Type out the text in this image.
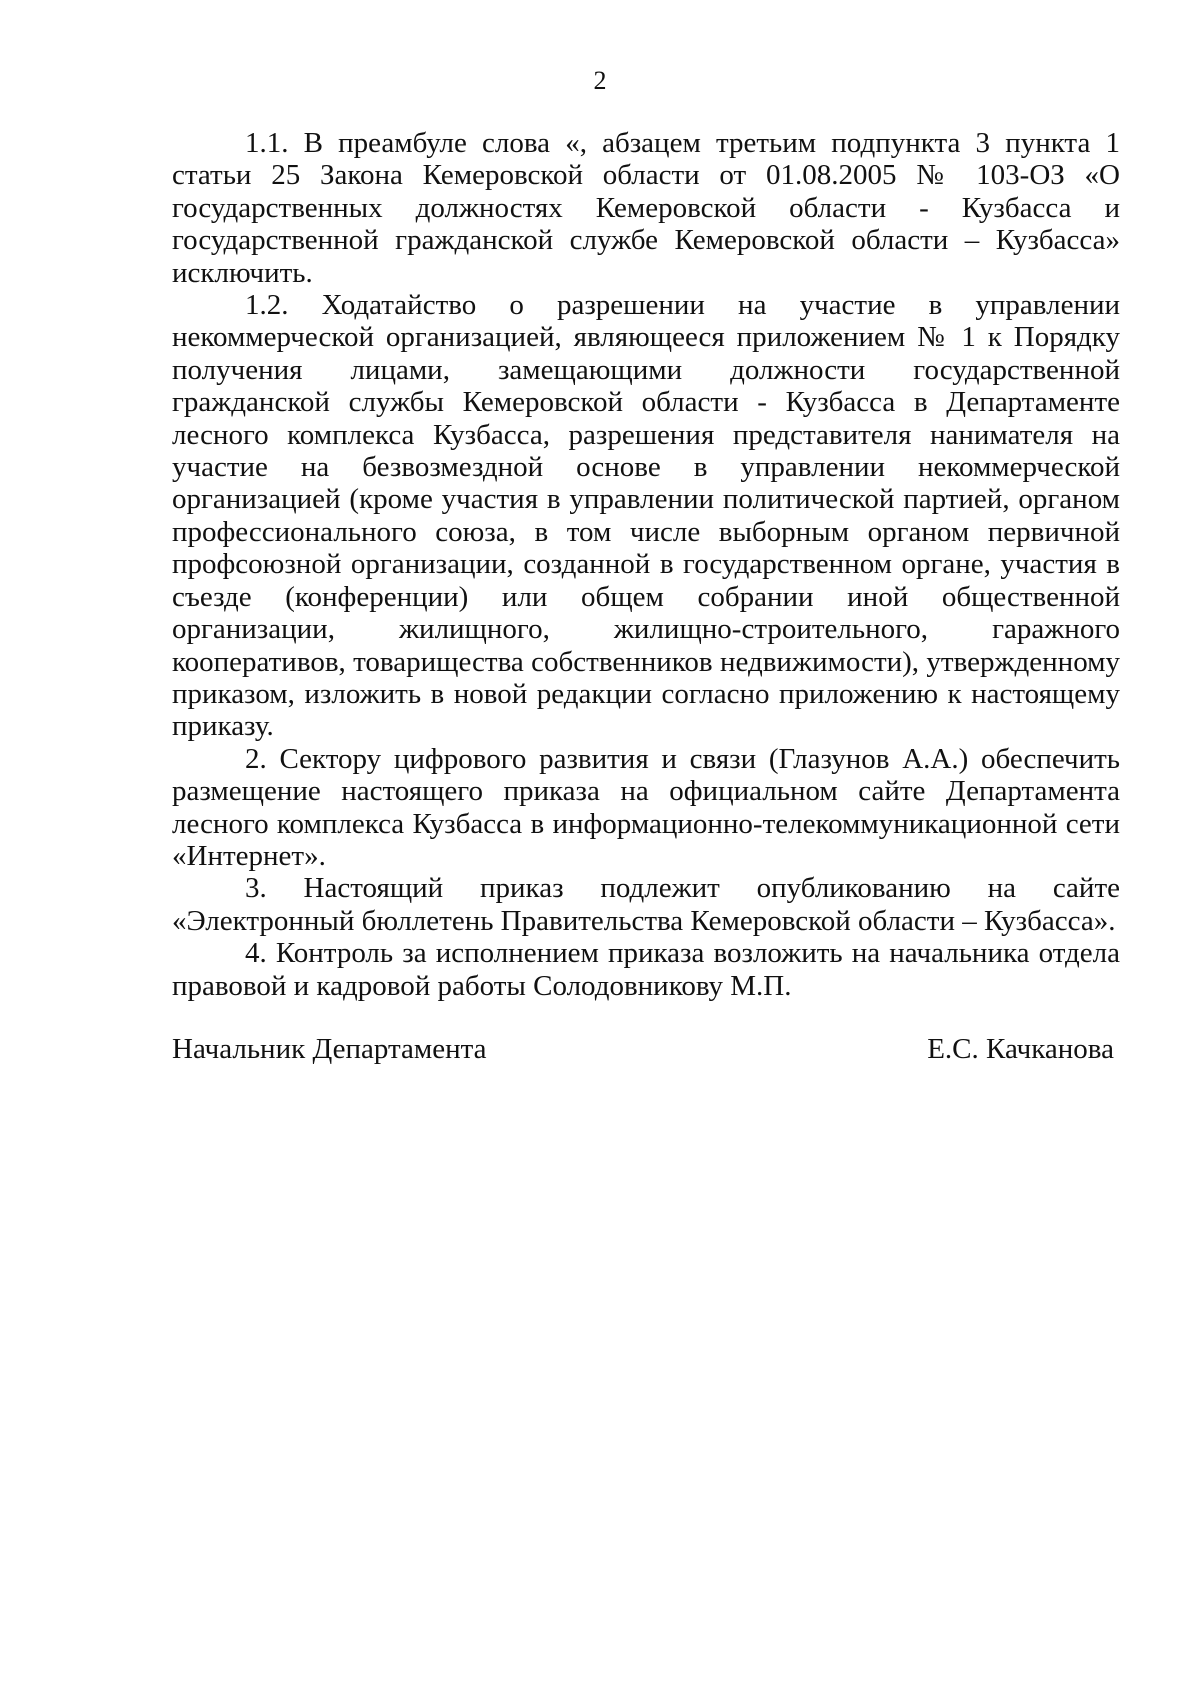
2

1.1. В преамбуле слова «, абзацем третьим подпункта 3 пункта 1 статьи 25 Закона Кемеровской области от 01.08.2005 № 103-ОЗ «О государственных должностях Кемеровской области - Кузбасса и государственной гражданской службе Кемеровской области – Кузбасса» исключить.

1.2. Ходатайство о разрешении на участие в управлении некоммерческой организацией, являющееся приложением № 1 к Порядку получения лицами, замещающими должности государственной гражданской службы Кемеровской области - Кузбасса в Департаменте лесного комплекса Кузбасса, разрешения представителя нанимателя на участие на безвозмездной основе в управлении некоммерческой организацией (кроме участия в управлении политической партией, органом профессионального союза, в том числе выборным органом первичной профсоюзной организации, созданной в государственном органе, участия в съезде (конференции) или общем собрании иной общественной организации, жилищного, жилищно-строительного, гаражного кооперативов, товарищества собственников недвижимости), утвержденному приказом, изложить в новой редакции согласно приложению к настоящему приказу.

2. Сектору цифрового развития и связи (Глазунов А.А.) обеспечить размещение настоящего приказа на официальном сайте Департамента лесного комплекса Кузбасса в информационно-телекоммуникационной сети «Интернет».

3. Настоящий приказ подлежит опубликованию на сайте «Электронный бюллетень Правительства Кемеровской области – Кузбасса».

4. Контроль за исполнением приказа возложить на начальника отдела правовой и кадровой работы Солодовникову М.П.

Начальник Департамента	Е.С. Качканова
